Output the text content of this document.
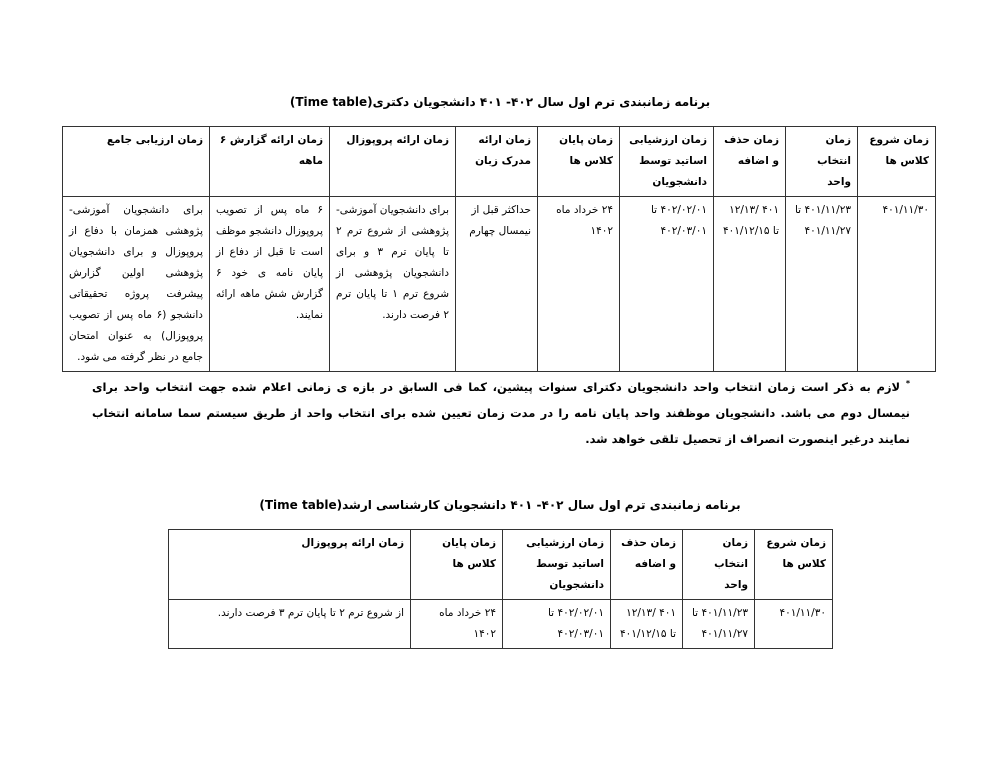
برنامه زمانبندی ترم اول سال ۴۰۲- ۴۰۱ دانشجویان دکتری(Time table)
زمان شروع کلاس ها	زمان انتخاب واحد	زمان حذف و اضافه	زمان ارزشیابی اساتید توسط دانشجویان	زمان پایان کلاس ها	زمان ارائه مدرک زبان	زمان ارائه پروپوزال	زمان ارائه گزارش ۶ ماهه	زمان ارزیابی جامع
۴۰۱/۱۱/۳۰	۴۰۱/۱۱/۲۳ تا ۴۰۱/۱۱/۲۷	۴۰۱ /۱۲/۱۳ تا ۴۰۱/۱۲/۱۵	۴۰۲/۰۲/۰۱ تا ۴۰۲/۰۳/۰۱	۲۴ خرداد ماه ۱۴۰۲	حداکثر قبل از نیمسال چهارم	برای دانشجویان آموزشی- پژوهشی از شروع ترم ۲ تا پایان ترم ۳ و برای دانشجویان پژوهشی از شروع ترم ۱ تا پایان ترم ۲ فرصت دارند.	۶ ماه پس از تصویب پروپوزال دانشجو موظف است تا قبل از دفاع از پایان نامه ی خود ۶ گزارش شش ماهه ارائه نمایند.	برای دانشجویان آموزشی- پژوهشی همزمان با دفاع از پروپوزال و برای دانشجویان پژوهشی اولین گزارش پیشرفت پروژه تحقیقاتی دانشجو (۶ ماه پس از تصویب پروپوزال) به عنوان امتحان جامع در نظر گرفته می شود.
* لازم به ذکر است زمان انتخاب واحد دانشجویان دکترای سنوات پیشین، کما فی السابق در بازه ی زمانی اعلام شده جهت انتخاب واحد برای نیمسال دوم می باشد. دانشجویان موظفند واحد پایان نامه را در مدت زمان تعیین شده برای انتخاب واحد از طریق سیستم سما سامانه انتخاب نمایند درغیر اینصورت انصراف از تحصیل تلقی خواهد شد.
برنامه زمانبندی ترم اول سال ۴۰۲- ۴۰۱ دانشجویان کارشناسی ارشد(Time table)
زمان شروع کلاس ها	زمان انتخاب واحد	زمان حذف و اضافه	زمان ارزشیابی اساتید توسط دانشجویان	زمان پایان کلاس ها	زمان ارائه پروپوزال
۴۰۱/۱۱/۳۰	۴۰۱/۱۱/۲۳ تا ۴۰۱/۱۱/۲۷	۴۰۱ /۱۲/۱۳ تا ۴۰۱/۱۲/۱۵	۴۰۲/۰۲/۰۱ تا ۴۰۲/۰۳/۰۱	۲۴ خرداد ماه ۱۴۰۲	از شروع ترم ۲ تا پایان ترم ۳ فرصت دارند.
